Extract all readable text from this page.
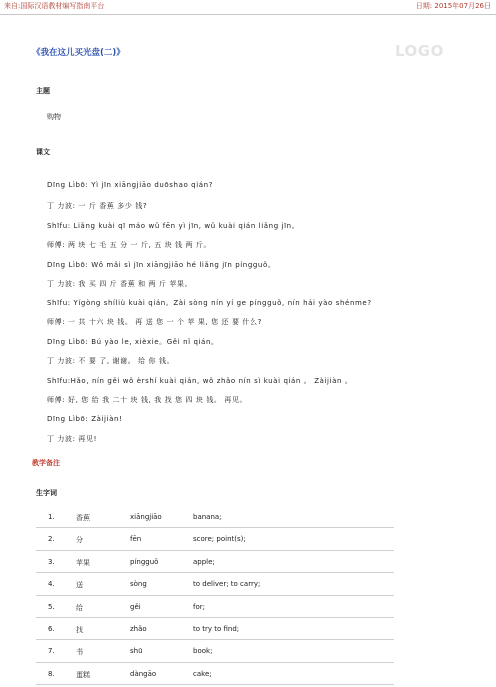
来自:国际汉语教材编写指南平台	日期: 2015年07月26日
《我在这儿买光盘(二)》	LOGO
主题
购物
课文
Dīng Lìbō: Yì jīn xiāngjiāo duōshao qián?
丁 力波: 一 斤 香蕉 多少 钱?
Shīfu: Liǎng kuài qī máo wǔ fēn yì jīn, wǔ kuài qián liǎng jīn。
师傅: 两 块 七 毛 五 分 一 斤, 五 块 钱 两 斤。
Dīng Lìbō: Wǒ mǎi sì jīn xiāngjiāo hé liǎng jīn píngguǒ。
丁 力波: 我 买 四 斤 香蕉 和 两 斤 苹果。
Shīfu: Yígòng shíliù kuài qián。Zài sòng nín yí ge píngguǒ, nín hái yào shénme?
师傅: 一 共 十六 块 钱。 再 送 您 一 个 苹 果, 您 还 要 什么?
Dīng Lìbō: Bú yào le, xièxie。Gěi nǐ qián。
丁 力波: 不 要 了, 谢谢。 给 你 钱。
Shīfu:Hǎo, nín gěi wǒ èrshí kuài qián, wǒ zhǎo nín sì kuài qián 。 Zàijiàn 。
师傅: 好, 您 给 我 二十 块 钱, 我 找 您 四 块 钱。 再见。
Dīng Lìbō: Zàijiàn!
丁 力波: 再见!
教学备注
生字词
1.	香蕉	xiāngjiāo	banana;
2.	分	fēn	score; point(s);
3.	苹果	píngguǒ	apple;
4.	送	sòng	to deliver; to carry;
5.	给	gěi	for;
6.	找	zhǎo	to try to find;
7.	书	shū	book;
8.	蛋糕	dàngāo	cake;
